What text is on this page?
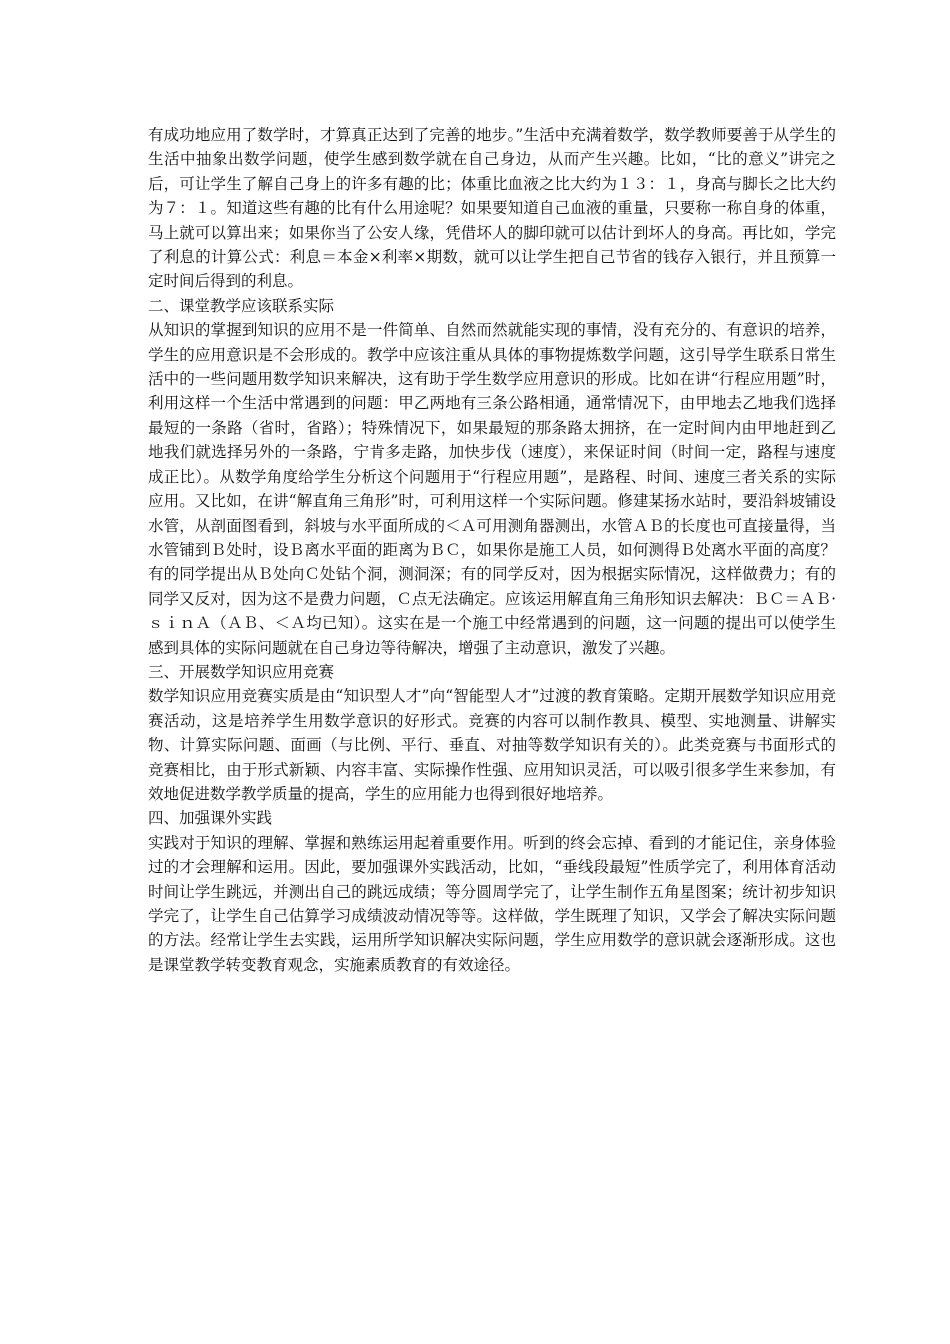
有成功地应用了数学时，才算真正达到了完善的地步。”生活中充满着数学，数学教师要善于从学生的生活中抽象出数学问题，使学生感到数学就在自己身边，从而产生兴趣。比如，“比的意义”讲完之后，可让学生了解自己身上的许多有趣的比；体重比血液之比大约为１３：１，身高与脚长之比大约为７：１。知道这些有趣的比有什么用途呢？如果要知道自己血液的重量，只要称一称自身的体重，马上就可以算出来；如果你当了公安人缘，凭借坏人的脚印就可以估计到坏人的身高。再比如，学完了利息的计算公式：利息＝本金×利率×期数，就可以让学生把自己节省的钱存入银行，并且预算一定时间后得到的利息。

二、课堂教学应该联系实际

从知识的掌握到知识的应用不是一件简单、自然而然就能实现的事情，没有充分的、有意识的培养，学生的应用意识是不会形成的。教学中应该注重从具体的事物提炼数学问题，这引导学生联系日常生活中的一些问题用数学知识来解决，这有助于学生数学应用意识的形成。比如在讲“行程应用题”时，利用这样一个生活中常遇到的问题：甲乙两地有三条公路相通，通常情况下，由甲地去乙地我们选择最短的一条路（省时，省路）；特殊情况下，如果最短的那条路太拥挤，在一定时间内由甲地赶到乙地我们就选择另外的一条路，宁肯多走路，加快步伐（速度），来保证时间（时间一定，路程与速度成正比）。从数学角度给学生分析这个问题用于“行程应用题”，是路程、时间、速度三者关系的实际应用。又比如，在讲“解直角三角形”时，可利用这样一个实际问题。修建某扬水站时，要沿斜坡铺设水管，从剖面图看到，斜坡与水平面所成的＜Ａ可用测角器测出，水管ＡＢ的长度也可直接量得，当水管铺到Ｂ处时，设Ｂ离水平面的距离为ＢＣ，如果你是施工人员，如何测得Ｂ处离水平面的高度？有的同学提出从Ｂ处向Ｃ处钻个洞，测洞深；有的同学反对，因为根据实际情况，这样做费力；有的同学又反对，因为这不是费力问题，Ｃ点无法确定。应该运用解直角三角形知识去解决：ＢＣ＝ＡＢ·ｓｉｎＡ（ＡＢ、＜Ａ均已知）。这实在是一个施工中经常遇到的问题，这一问题的提出可以使学生感到具体的实际问题就在自己身边等待解决，增强了主动意识，激发了兴趣。

三、开展数学知识应用竞赛

数学知识应用竞赛实质是由“知识型人才”向“智能型人才”过渡的教育策略。定期开展数学知识应用竞赛活动，这是培养学生用数学意识的好形式。竞赛的内容可以制作教具、模型、实地测量、讲解实物、计算实际问题、面画（与比例、平行、垂直、对抽等数学知识有关的）。此类竞赛与书面形式的竞赛相比，由于形式新颖、内容丰富、实际操作性强、应用知识灵活，可以吸引很多学生来参加，有效地促进数学教学质量的提高，学生的应用能力也得到很好地培养。

四、加强课外实践

实践对于知识的理解、掌握和熟练运用起着重要作用。听到的终会忘掉、看到的才能记住，亲身体验过的才会理解和运用。因此，要加强课外实践活动，比如，“垂线段最短”性质学完了，利用体育活动时间让学生跳远，并测出自己的跳远成绩；等分圆周学完了，让学生制作五角星图案；统计初步知识学完了，让学生自己估算学习成绩波动情况等等。这样做，学生既理了知识，又学会了解决实际问题的方法。经常让学生去实践，运用所学知识解决实际问题，学生应用数学的意识就会逐渐形成。这也是课堂教学转变教育观念，实施素质教育的有效途径。
